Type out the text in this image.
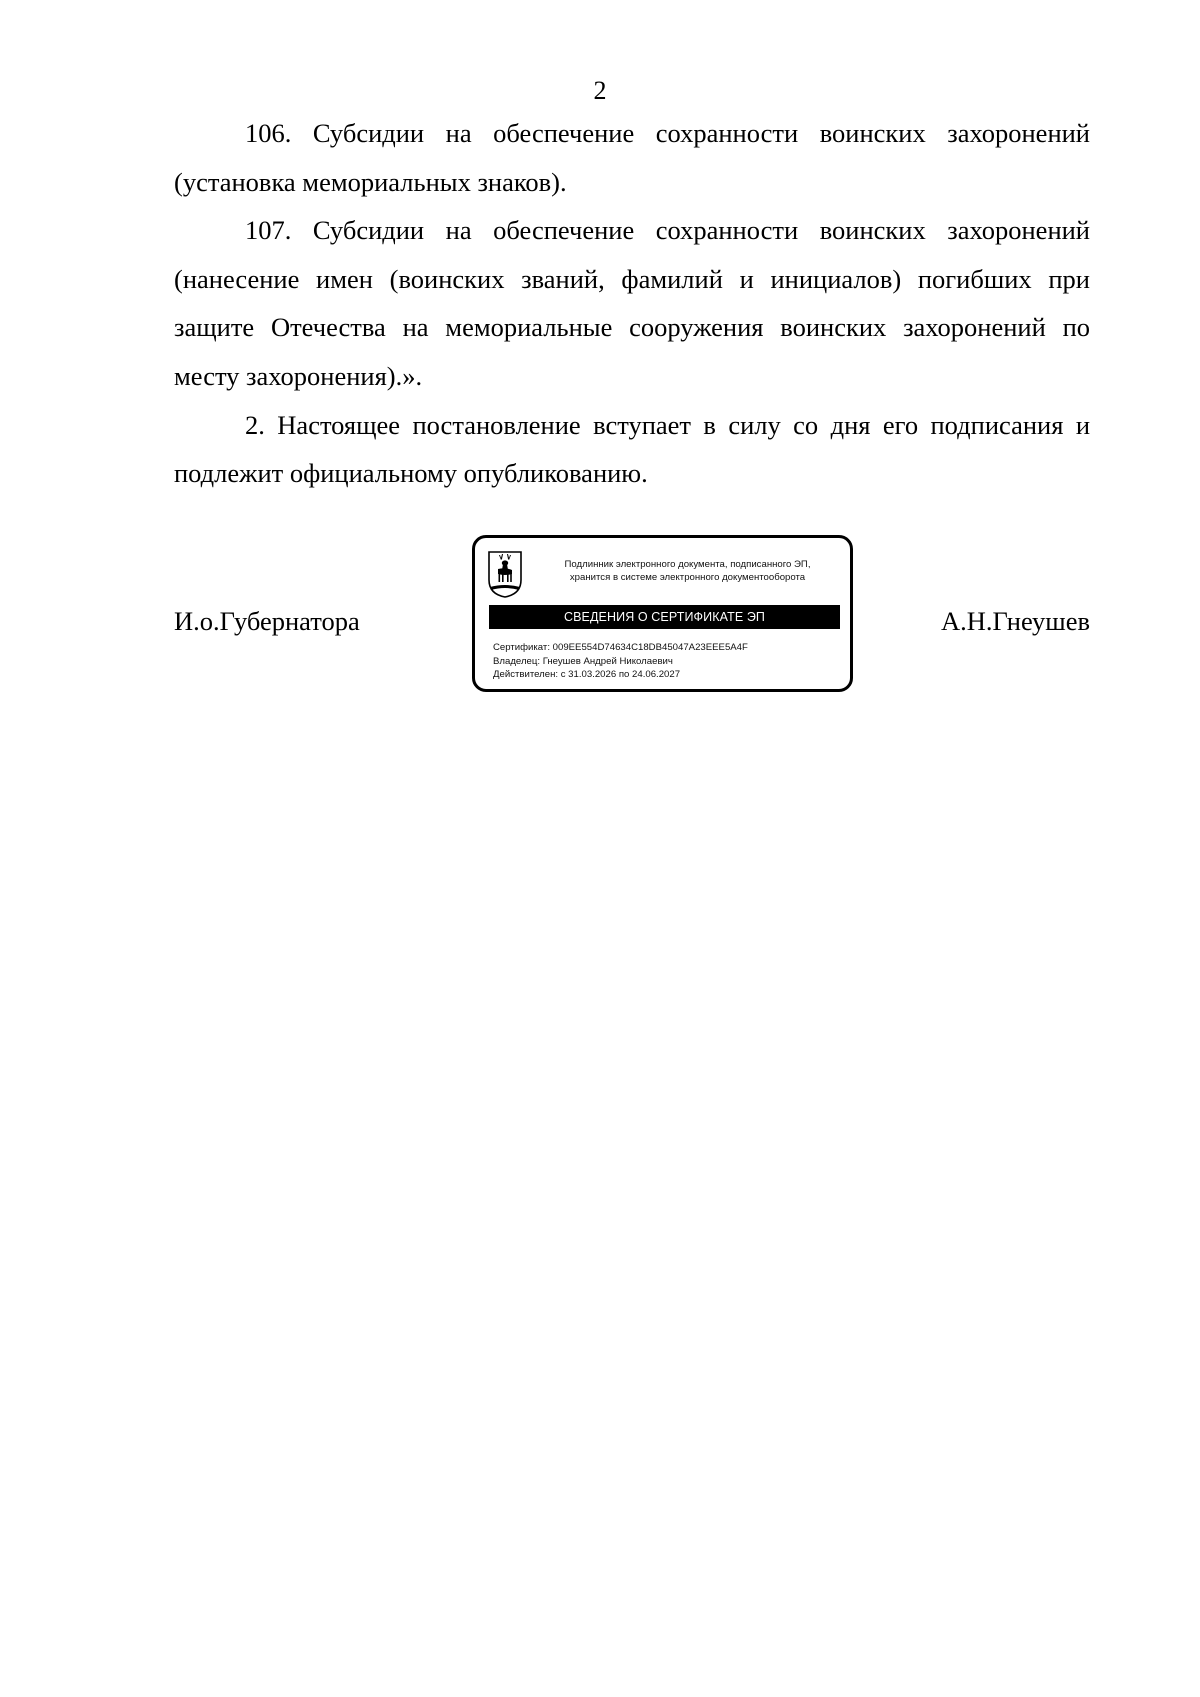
2

106. Субсидии на обеспечение сохранности воинских захоронений (установка мемориальных знаков).

107. Субсидии на обеспечение сохранности воинских захоронений (нанесение имен (воинских званий, фамилий и инициалов) погибших при защите Отечества на мемориальные сооружения воинских захоронений по месту захоронения).».

2. Настоящее постановление вступает в силу со дня его подписания и подлежит официальному опубликованию.

И.о.Губернатора
Подлинник электронного документа, подписанного ЭП,
хранится в системе электронного документооборота
СВЕДЕНИЯ О СЕРТИФИКАТЕ ЭП
Сертификат: 009EE554D74634C18DB45047A23EEE5A4F
Владелец: Гнеушев Андрей Николаевич
Действителен: с 31.03.2026 по 24.06.2027
А.Н.Гнеушев
